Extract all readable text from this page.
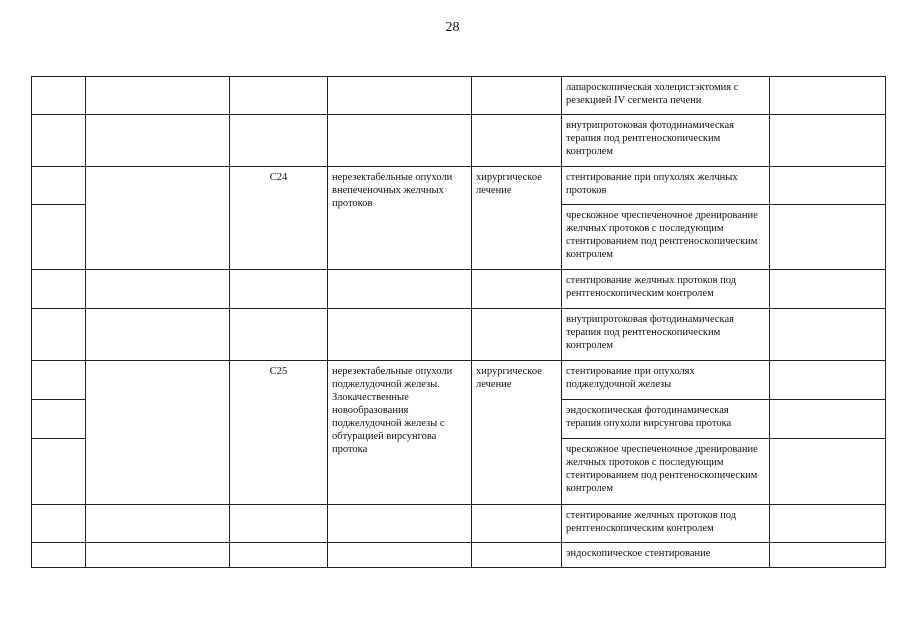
28
					лапароскопическая холецистэктомия с резекцией IV сегмента печени	
					внутрипротоковая фотодинамическая терапия под рентгеноскопическим контролем	
		C24	нерезектабельные опухоли внепеченочных желчных протоков	хирургическое лечение	стентирование при опухолях желчных протоков	
					чрескожное чреспеченочное дренирование желчных протоков с последующим стентированием под рентгеноскопическим контролем	
					стентирование желчных протоков под рентгеноскопическим контролем	
					внутрипротоковая фотодинамическая терапия под рентгеноскопическим контролем	
		C25	нерезектабельные опухоли поджелудочной железы. Злокачественные новообразования поджелудочной железы с обтурацией вирсунгова протока	хирургическое лечение	стентирование при опухолях поджелудочной железы	
					эндоскопическая фотодинамическая терапия опухоли вирсунгова протока	
					чрескожное чреспеченочное дренирование желчных протоков с последующим стентированием под рентгеноскопическим контролем	
					стентирование желчных протоков под рентгеноскопическим контролем	
					эндоскопическое стентирование	
